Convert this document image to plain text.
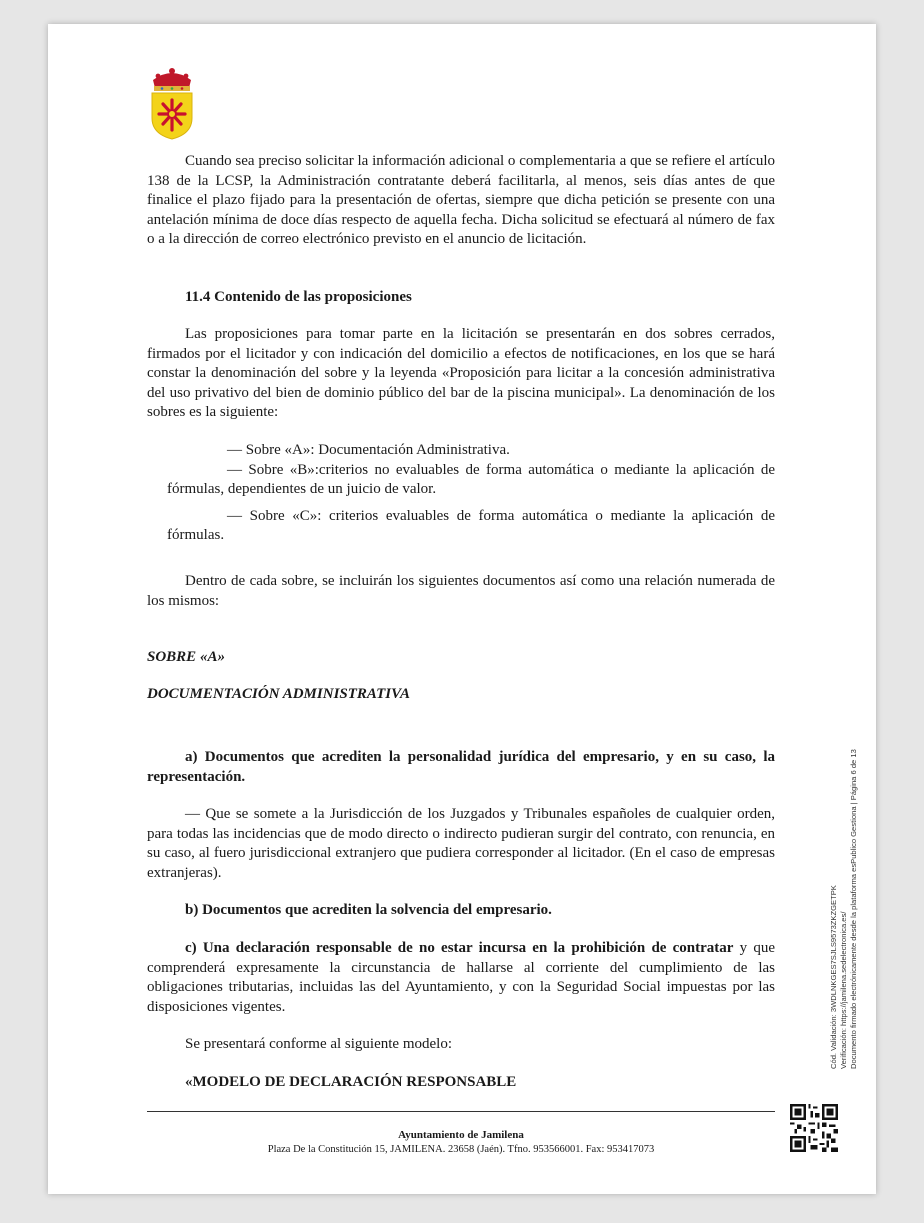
Cuando sea preciso solicitar la información adicional o complementaria a que se refiere el artículo 138 de la LCSP, la Administración contratante deberá facilitarla, al menos, seis días antes de que finalice el plazo fijado para la presentación de ofertas, siempre que dicha petición se presente con una antelación mínima de doce días respecto de aquella fecha. Dicha solicitud se efectuará al número de fax o a la dirección de correo electrónico previsto en el anuncio de licitación.
11.4 Contenido de las proposiciones
Las proposiciones para tomar parte en la licitación se presentarán en dos sobres cerrados, firmados por el licitador y con indicación del domicilio a efectos de notificaciones, en los que se hará constar la denominación del sobre y la leyenda «Proposición para licitar a la concesión administrativa del uso privativo del bien de dominio público del bar de la piscina municipal». La denominación de los sobres es la siguiente:
— Sobre «A»: Documentación Administrativa.
— Sobre «B»:criterios no evaluables de forma automática o mediante la aplicación de fórmulas, dependientes de un juicio de valor.
— Sobre «C»: criterios evaluables de forma automática o mediante la aplicación de fórmulas.
Dentro de cada sobre, se incluirán los siguientes documentos así como una relación numerada de los mismos:
SOBRE «A»
DOCUMENTACIÓN ADMINISTRATIVA
a) Documentos que acrediten la personalidad jurídica del empresario, y en su caso, la representación.
— Que se somete a la Jurisdicción de los Juzgados y Tribunales españoles de cualquier orden, para todas las incidencias que de modo directo o indirecto pudieran surgir del contrato, con renuncia, en su caso, al fuero jurisdiccional extranjero que pudiera corresponder al licitador. (En el caso de empresas extranjeras).
b) Documentos que acrediten la solvencia del empresario.
c) Una declaración responsable de no estar incursa en la prohibición de contratar y que comprenderá expresamente la circunstancia de hallarse al corriente del cumplimiento de las obligaciones tributarias, incluidas las del Ayuntamiento, y con la Seguridad Social impuestas por las disposiciones vigentes.
Se presentará conforme al siguiente modelo:
«MODELO DE DECLARACIÓN RESPONSABLE
Ayuntamiento de Jamilena
Plaza De la Constitución 15, JAMILENA. 23658 (Jaén). Tfno. 953566001. Fax: 953417073
Cód. Validación: 3WDLNKGES7SJLS9573ZKZGETPK Verificación: https://jamilena.sedelectronica.es/ Documento firmado electrónicamente desde la plataforma esPublico Gestiona | Página 6 de 13
